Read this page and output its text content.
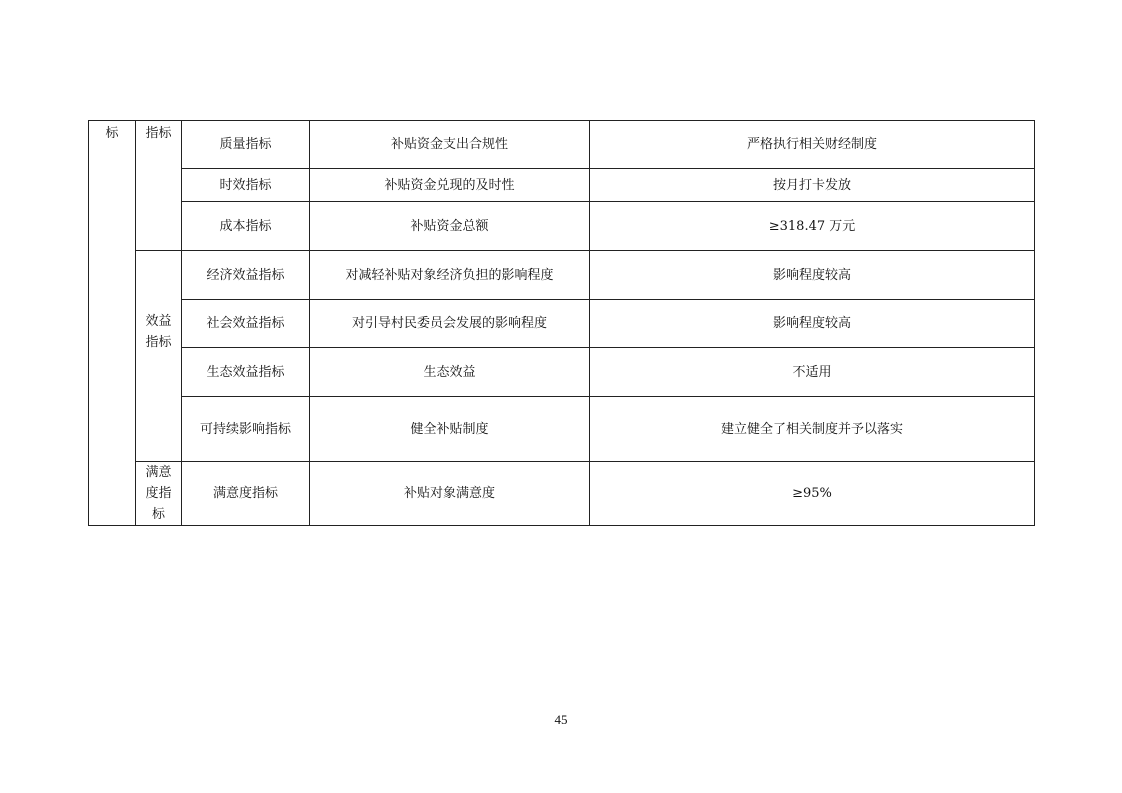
标	指标	质量指标	补贴资金支出合规性	严格执行相关财经制度
		时效指标	补贴资金兑现的及时性	按月打卡发放
		成本指标	补贴资金总额	≥318.47 万元
	效益指标	经济效益指标	对减轻补贴对象经济负担的影响程度	影响程度较高
		社会效益指标	对引导村民委员会发展的影响程度	影响程度较高
		生态效益指标	生态效益	不适用
		可持续影响指标	健全补贴制度	建立健全了相关制度并予以落实
	满意度指标	满意度指标	补贴对象满意度	≥95%
45
